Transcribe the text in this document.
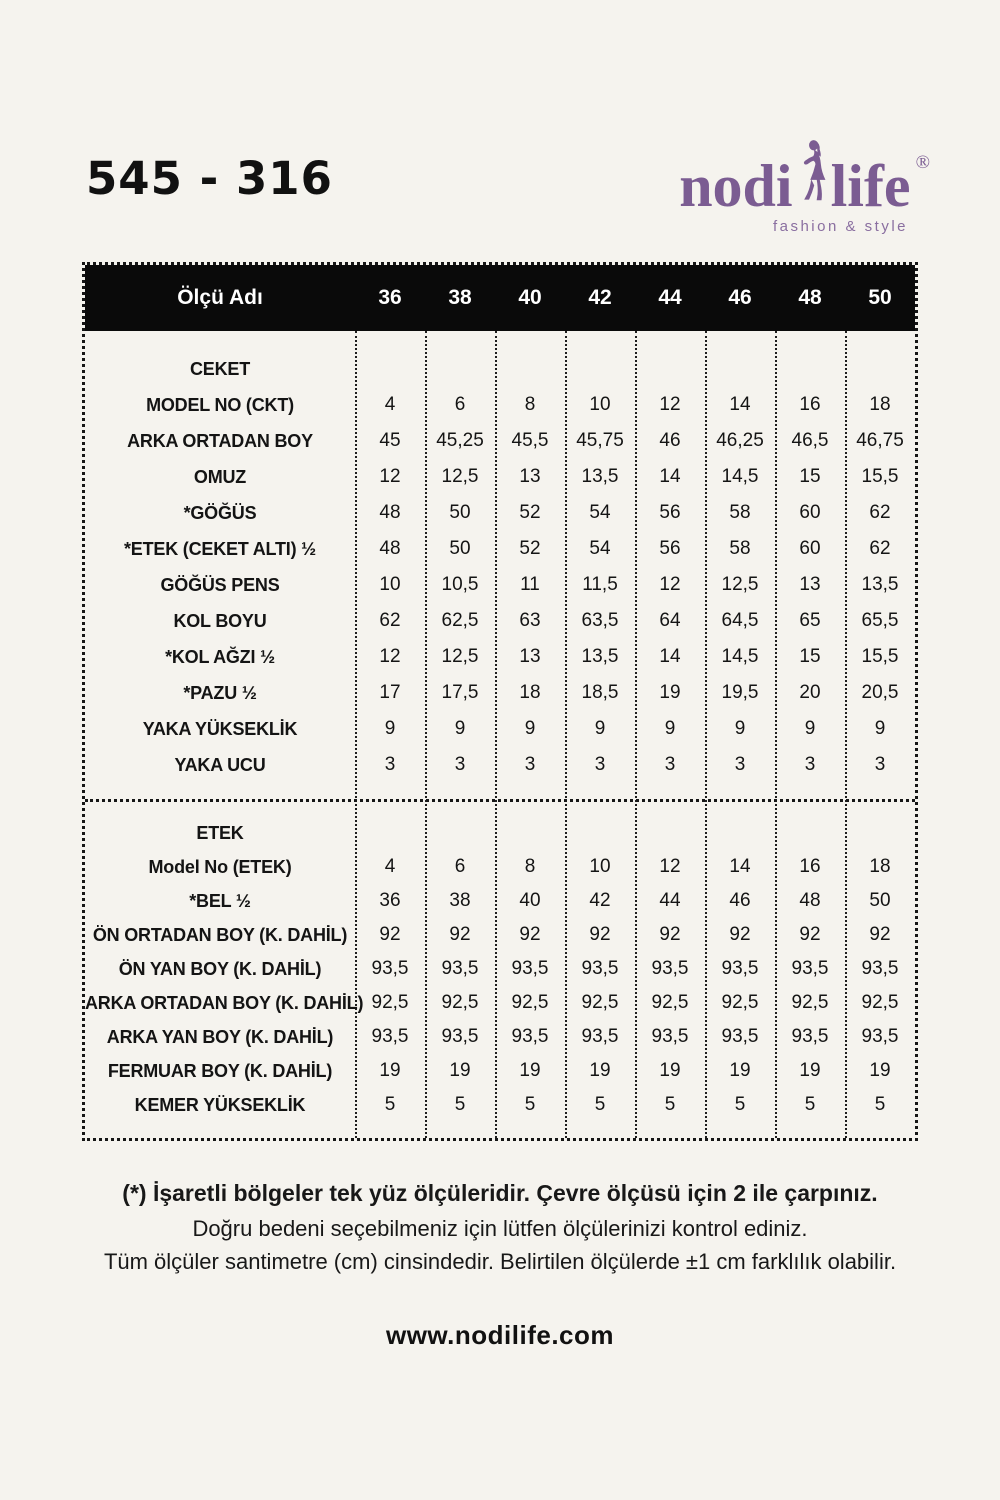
545 - 316	nodi life ®
fashion & style
Ölçü Adı	36	38	40	42	44	46	48	50
CEKET
MODEL NO (CKT)	4	6	8	10	12	14	16	18
ARKA ORTADAN BOY	45	45,25	45,5	45,75	46	46,25	46,5	46,75
OMUZ	12	12,5	13	13,5	14	14,5	15	15,5
*GÖĞÜS	48	50	52	54	56	58	60	62
*ETEK (CEKET ALTI) ½	48	50	52	54	56	58	60	62
GÖĞÜS PENS	10	10,5	11	11,5	12	12,5	13	13,5
KOL BOYU	62	62,5	63	63,5	64	64,5	65	65,5
*KOL AĞZI ½	12	12,5	13	13,5	14	14,5	15	15,5
*PAZU ½	17	17,5	18	18,5	19	19,5	20	20,5
YAKA YÜKSEKLİK	9	9	9	9	9	9	9	9
YAKA UCU	3	3	3	3	3	3	3	3
ETEK
Model No (ETEK)	4	6	8	10	12	14	16	18
*BEL ½	36	38	40	42	44	46	48	50
ÖN ORTADAN BOY (K. DAHİL)	92	92	92	92	92	92	92	92
ÖN YAN BOY (K. DAHİL)	93,5	93,5	93,5	93,5	93,5	93,5	93,5	93,5
ARKA ORTADAN BOY (K. DAHİL) 92,5	92,5	92,5	92,5	92,5	92,5	92,5	92,5
ARKA YAN BOY (K. DAHİL)	93,5	93,5	93,5	93,5	93,5	93,5	93,5	93,5
FERMUAR BOY (K. DAHİL)	19	19	19	19	19	19	19	19
KEMER YÜKSEKLİK	5	5	5	5	5	5	5	5
(*) İşaretli bölgeler tek yüz ölçüleridir. Çevre ölçüsü için 2 ile çarpınız.
Doğru bedeni seçebilmeniz için lütfen ölçülerinizi kontrol ediniz.
Tüm ölçüler santimetre (cm) cinsindedir. Belirtilen ölçülerde ±1 cm farklılık olabilir.
www.nodilife.com
